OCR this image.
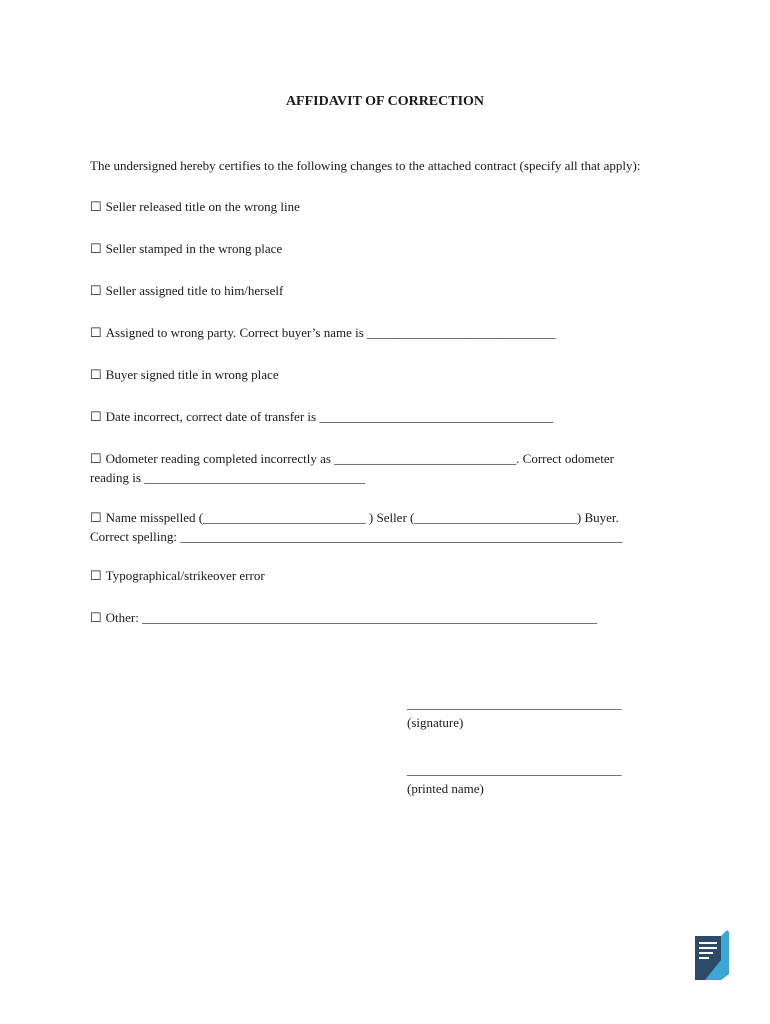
AFFIDAVIT OF CORRECTION
The undersigned hereby certifies to the following changes to the attached contract (specify all that apply):
☐ Seller released title on the wrong line
☐ Seller stamped in the wrong place
☐ Seller assigned title to him/herself
☐ Assigned to wrong party. Correct buyer’s name is _____________________________
☐ Buyer signed title in wrong place
☐ Date incorrect, correct date of transfer is ____________________________________
☐ Odometer reading completed incorrectly as ____________________________. Correct odometer
reading is __________________________________
☐ Name misspelled (_________________________ ) Seller (_________________________) Buyer.
Correct spelling: ____________________________________________________________________
☐ Typographical/strikeover error
☐ Other: ______________________________________________________________________
_________________________________
(signature)
_________________________________
(printed name)
